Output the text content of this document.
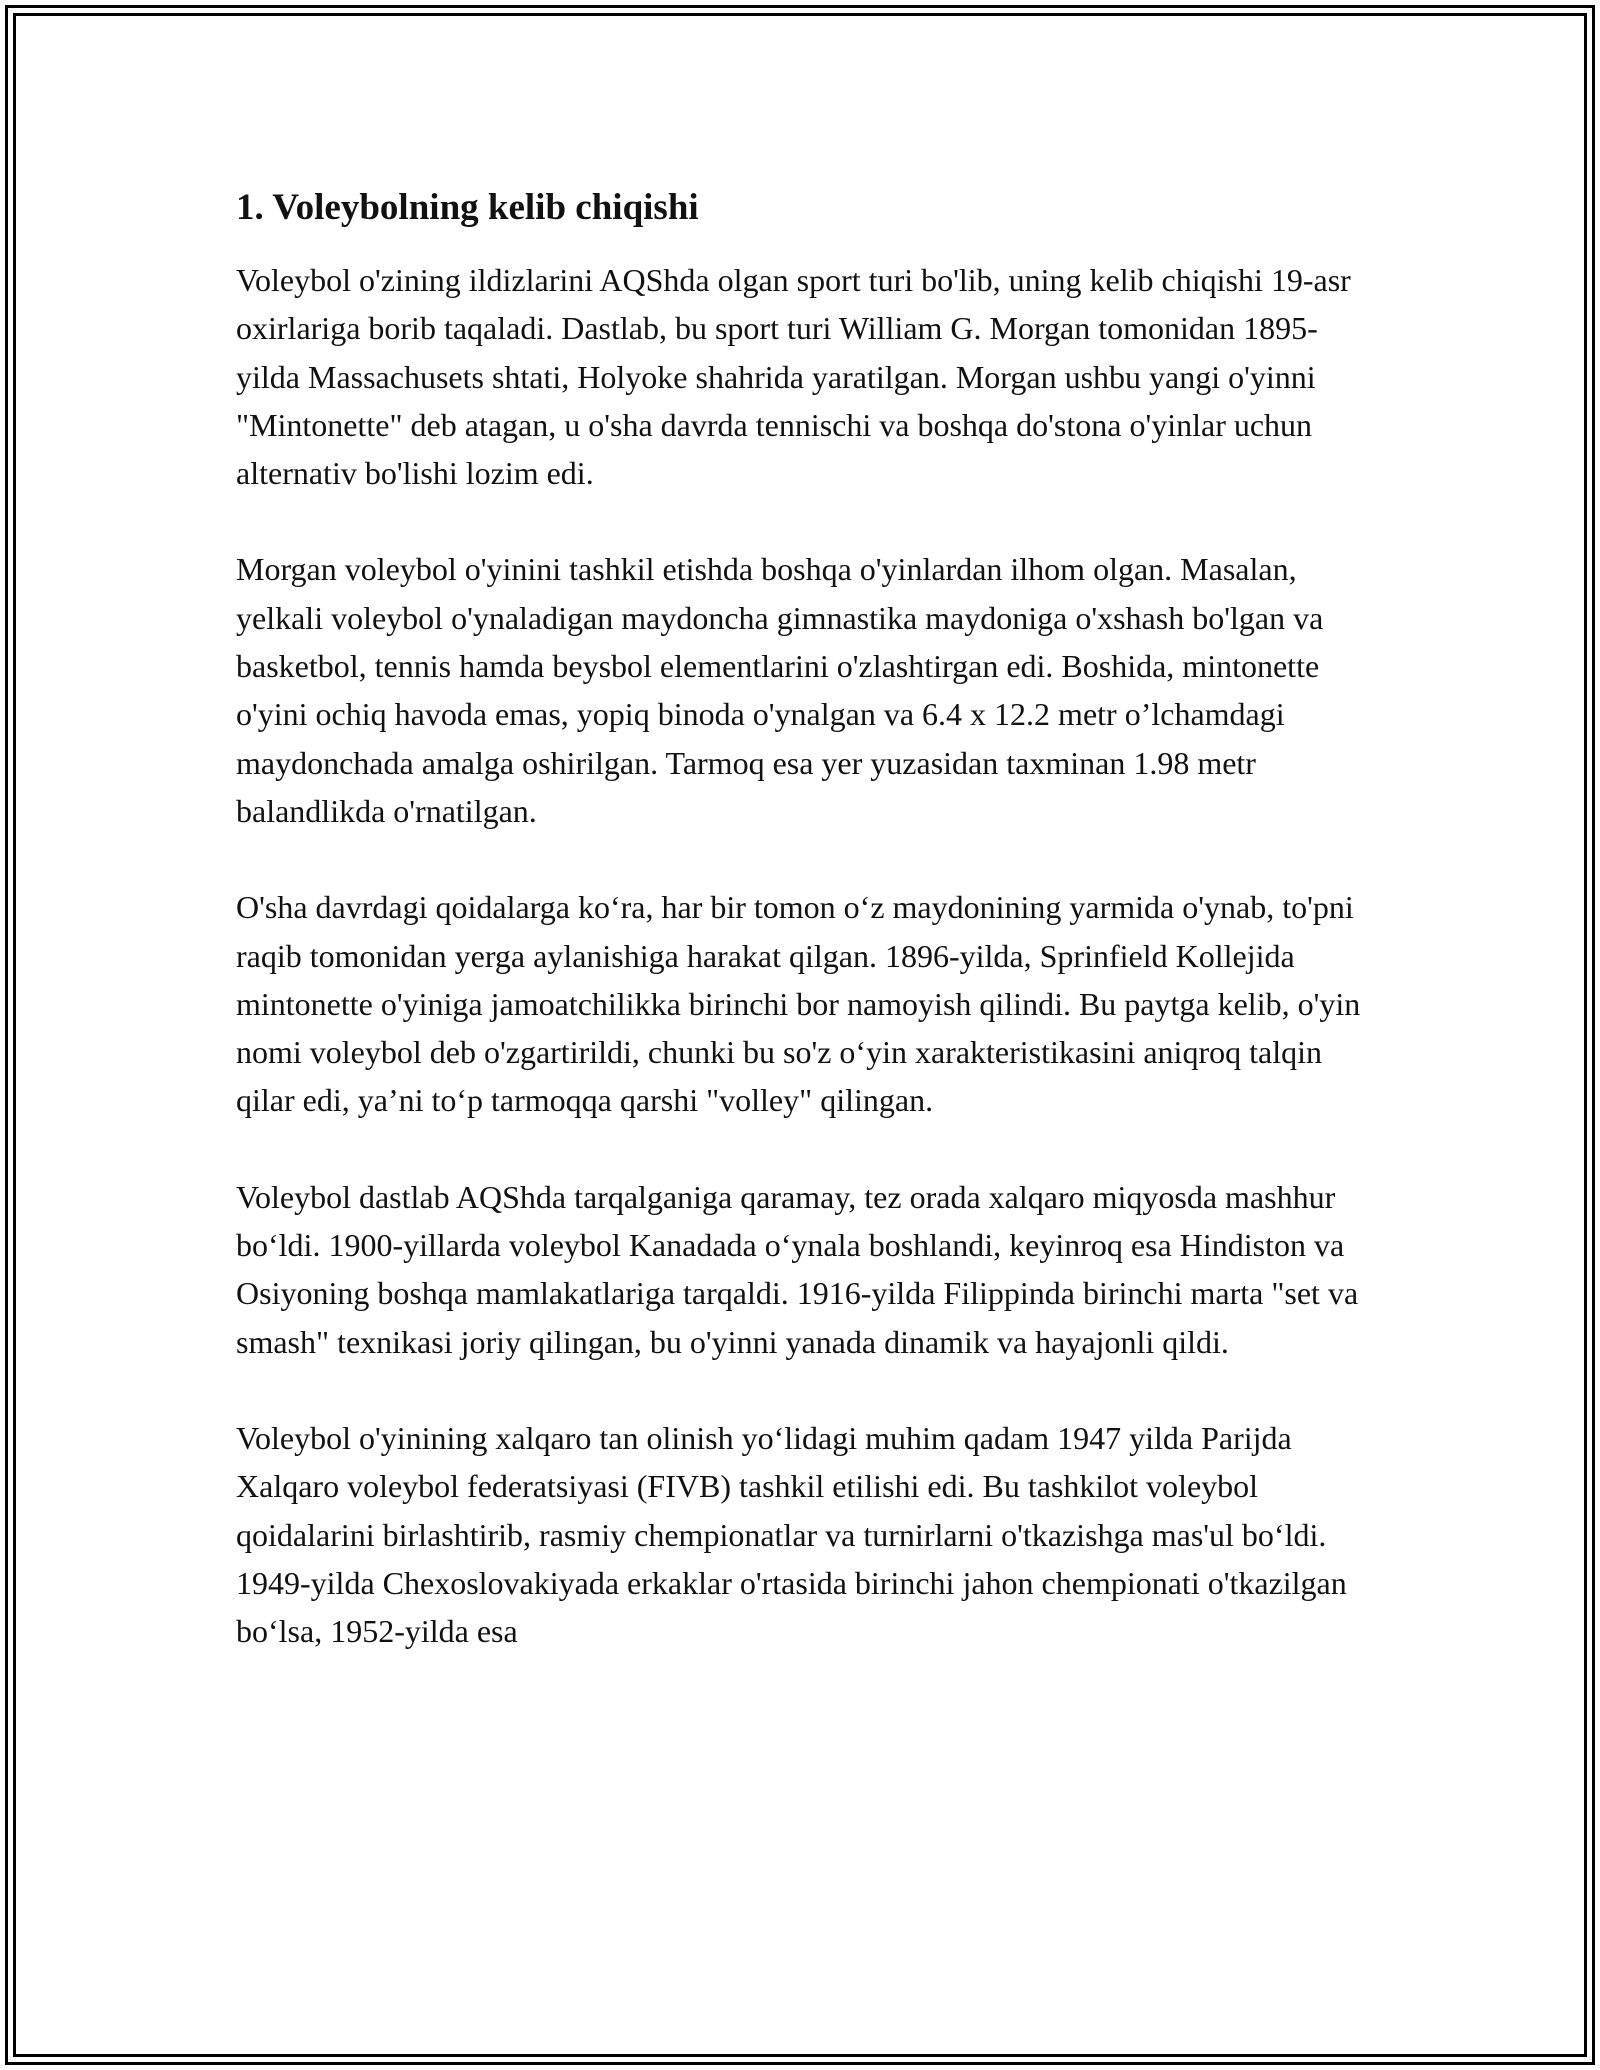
1. Voleybolning kelib chiqishi

Voleybol o'zining ildizlarini AQShda olgan sport turi bo'lib, uning kelib chiqishi 19-asr oxirlariga borib taqaladi. Dastlab, bu sport turi William G. Morgan tomonidan 1895-yilda Massachusets shtati, Holyoke shahrida yaratilgan. Morgan ushbu yangi o'yinni "Mintonette" deb atagan, u o'sha davrda tennischi va boshqa do'stona o'yinlar uchun alternativ bo'lishi lozim edi.

Morgan voleybol o'yinini tashkil etishda boshqa o'yinlardan ilhom olgan. Masalan, yelkali voleybol o'ynaladigan maydoncha gimnastika maydoniga o'xshash bo'lgan va basketbol, tennis hamda beysbol elementlarini o'zlashtirgan edi. Boshida, mintonette o'yini ochiq havoda emas, yopiq binoda o'ynalgan va 6.4 x 12.2 metr o’lchamdagi maydonchada amalga oshirilgan. Tarmoq esa yer yuzasidan taxminan 1.98 metr balandlikda o'rnatilgan.

O'sha davrdagi qoidalarga ko‘ra, har bir tomon o‘z maydonining yarmida o'ynab, to'pni raqib tomonidan yerga aylanishiga harakat qilgan. 1896-yilda, Sprinfield Kollejida mintonette o'yiniga jamoatchilikka birinchi bor namoyish qilindi. Bu paytga kelib, o'yin nomi voleybol deb o'zgartirildi, chunki bu so'z o‘yin xarakteristikasini aniqroq talqin qilar edi, ya’ni to‘p tarmoqqa qarshi "volley" qilingan.

Voleybol dastlab AQShda tarqalganiga qaramay, tez orada xalqaro miqyosda mashhur bo‘ldi. 1900-yillarda voleybol Kanadada o‘ynala boshlandi, keyinroq esa Hindiston va Osiyoning boshqa mamlakatlariga tarqaldi. 1916-yilda Filippinda birinchi marta "set va smash" texnikasi joriy qilingan, bu o'yinni yanada dinamik va hayajonli qildi.

Voleybol o'yinining xalqaro tan olinish yo‘lidagi muhim qadam 1947 yilda Parijda Xalqaro voleybol federatsiyasi (FIVB) tashkil etilishi edi. Bu tashkilot voleybol qoidalarini birlashtirib, rasmiy chempionatlar va turnirlarni o'tkazishga mas'ul bo‘ldi. 1949-yilda Chexoslovakiyada erkaklar o'rtasida birinchi jahon chempionati o'tkazilgan bo‘lsa, 1952-yilda esa
